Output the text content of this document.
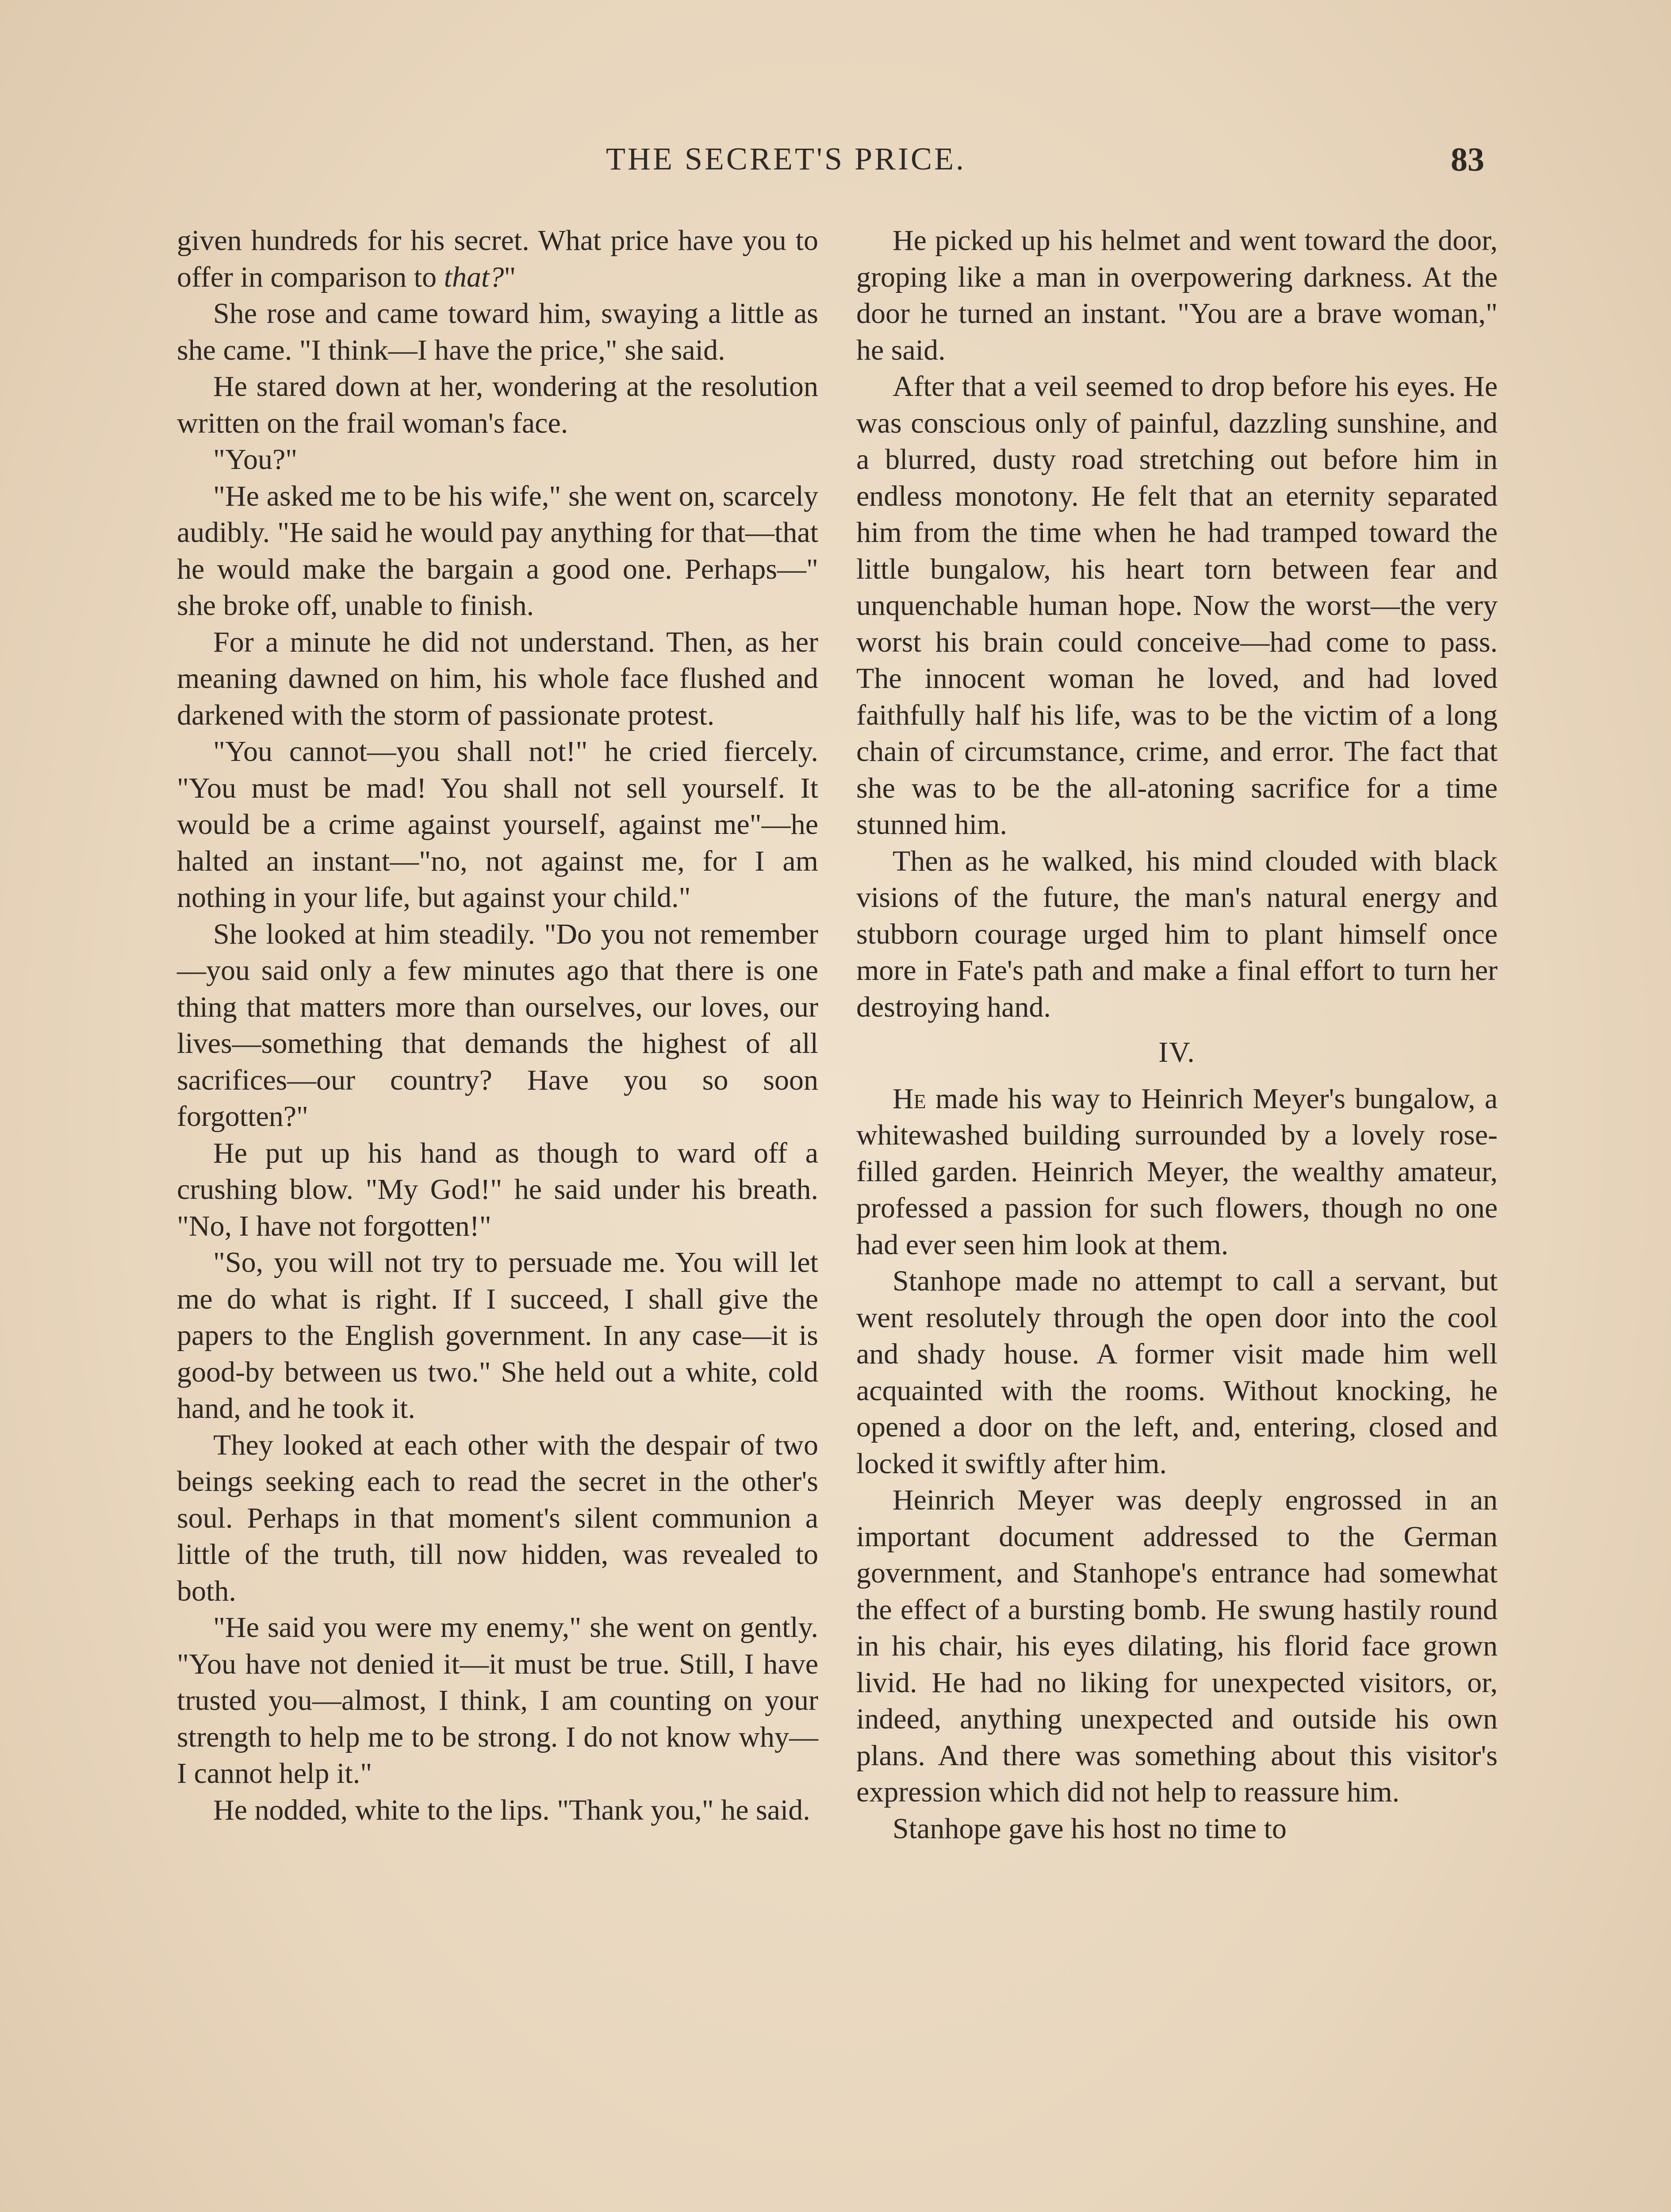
THE SECRET'S PRICE.	83

given hundreds for his secret. What price have you to offer in comparison to that?"

She rose and came toward him, swaying a little as she came. "I think—I have the price," she said.

He stared down at her, wondering at the resolution written on the frail woman's face.

"You?"

"He asked me to be his wife," she went on, scarcely audibly. "He said he would pay anything for that—that he would make the bargain a good one. Perhaps—" she broke off, unable to finish.

For a minute he did not understand. Then, as her meaning dawned on him, his whole face flushed and darkened with the storm of passionate protest.

"You cannot—you shall not!" he cried fiercely. "You must be mad! You shall not sell yourself. It would be a crime against yourself, against me"—he halted an instant—"no, not against me, for I am nothing in your life, but against your child."

She looked at him steadily. "Do you not remember—you said only a few minutes ago that there is one thing that matters more than ourselves, our loves, our lives—something that demands the highest of all sacrifices—our country? Have you so soon forgotten?"

He put up his hand as though to ward off a crushing blow. "My God!" he said under his breath. "No, I have not forgotten!"

"So, you will not try to persuade me. You will let me do what is right. If I succeed, I shall give the papers to the English government. In any case—it is good-by between us two." She held out a white, cold hand, and he took it.

They looked at each other with the despair of two beings seeking each to read the secret in the other's soul. Perhaps in that moment's silent communion a little of the truth, till now hidden, was revealed to both.

"He said you were my enemy," she went on gently. "You have not denied it—it must be true. Still, I have trusted you—almost, I think, I am counting on your strength to help me to be strong. I do not know why—I cannot help it."

He nodded, white to the lips. "Thank you," he said.

He picked up his helmet and went toward the door, groping like a man in overpowering darkness. At the door he turned an instant. "You are a brave woman," he said.

After that a veil seemed to drop before his eyes. He was conscious only of painful, dazzling sunshine, and a blurred, dusty road stretching out before him in endless monotony. He felt that an eternity separated him from the time when he had tramped toward the little bungalow, his heart torn between fear and unquenchable human hope. Now the worst—the very worst his brain could conceive—had come to pass. The innocent woman he loved, and had loved faithfully half his life, was to be the victim of a long chain of circumstance, crime, and error. The fact that she was to be the all-atoning sacrifice for a time stunned him.

Then as he walked, his mind clouded with black visions of the future, the man's natural energy and stubborn courage urged him to plant himself once more in Fate's path and make a final effort to turn her destroying hand.

IV.

He made his way to Heinrich Meyer's bungalow, a whitewashed building surrounded by a lovely rose-filled garden. Heinrich Meyer, the wealthy amateur, professed a passion for such flowers, though no one had ever seen him look at them.

Stanhope made no attempt to call a servant, but went resolutely through the open door into the cool and shady house. A former visit made him well acquainted with the rooms. Without knocking, he opened a door on the left, and, entering, closed and locked it swiftly after him.

Heinrich Meyer was deeply engrossed in an important document addressed to the German government, and Stanhope's entrance had somewhat the effect of a bursting bomb. He swung hastily round in his chair, his eyes dilating, his florid face grown livid. He had no liking for unexpected visitors, or, indeed, anything unexpected and outside his own plans. And there was something about this visitor's expression which did not help to reassure him.

Stanhope gave his host no time to
